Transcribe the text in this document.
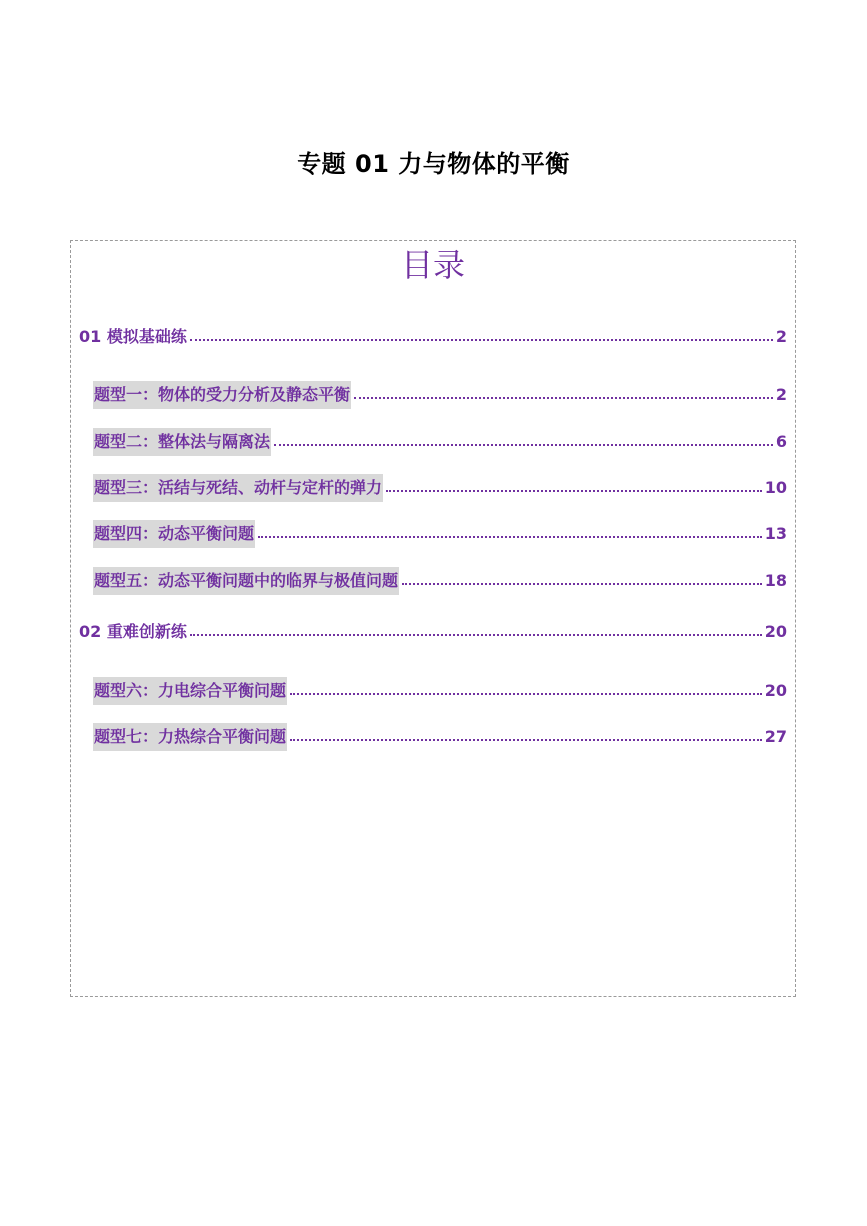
专题 01 力与物体的平衡
目录
01 模拟基础练	2
题型一：物体的受力分析及静态平衡	2
题型二：整体法与隔离法	6
题型三：活结与死结、动杆与定杆的弹力	10
题型四：动态平衡问题	13
题型五：动态平衡问题中的临界与极值问题	18
02 重难创新练	20
题型六：力电综合平衡问题	20
题型七：力热综合平衡问题	27
